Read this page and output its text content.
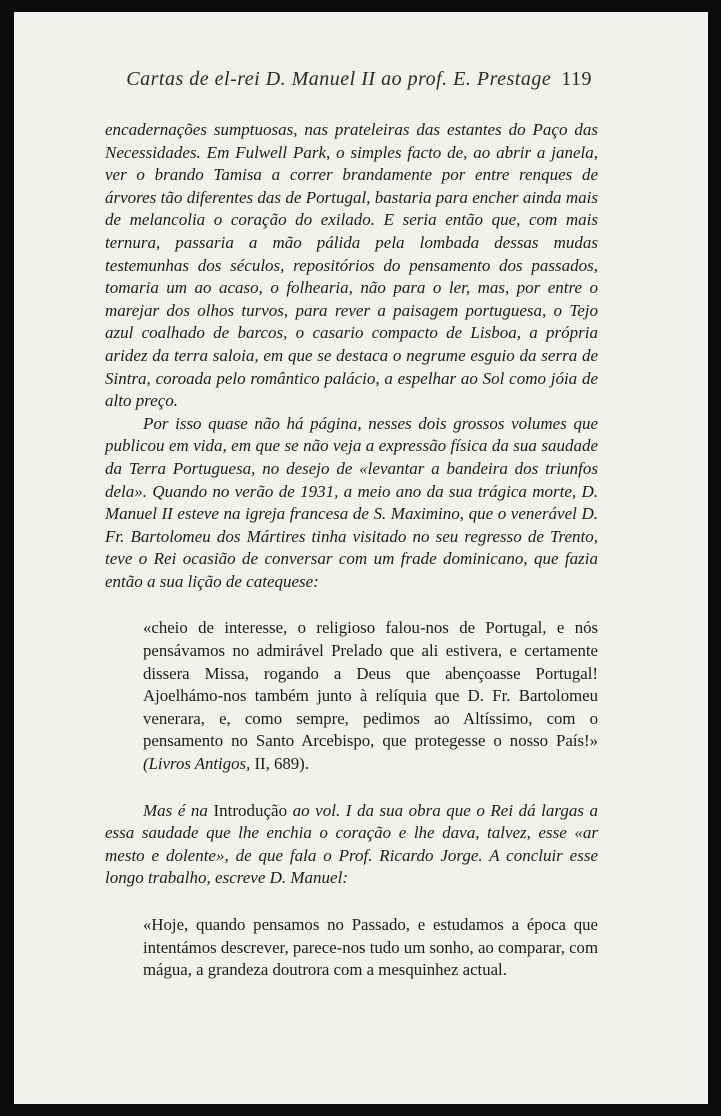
Cartas de el-rei D. Manuel II ao prof. E. Prestage 119

encadernações sumptuosas, nas prateleiras das estantes do Paço das Necessidades. Em Fulwell Park, o simples facto de, ao abrir a janela, ver o brando Tamisa a correr brandamente por entre renques de árvores tão diferentes das de Portugal, bastaria para encher ainda mais de melancolia o coração do exilado. E seria então que, com mais ternura, passaria a mão pálida pela lombada dessas mudas testemunhas dos séculos, repositórios do pensamento dos passados, tomaria um ao acaso, o folhearia, não para o ler, mas, por entre o marejar dos olhos turvos, para rever a paisagem portuguesa, o Tejo azul coalhado de barcos, o casario compacto de Lisboa, a própria aridez da terra saloia, em que se destaca o negrume esguio da serra de Sintra, coroada pelo romântico palácio, a espelhar ao Sol como jóia de alto preço.

Por isso quase não há página, nesses dois grossos volumes que publicou em vida, em que se não veja a expressão física da sua saudade da Terra Portuguesa, no desejo de «levantar a bandeira dos triunfos dela». Quando no verão de 1931, a meio ano da sua trágica morte, D. Manuel II esteve na igreja francesa de S. Maximino, que o venerável D. Fr. Bartolomeu dos Mártires tinha visitado no seu regresso de Trento, teve o Rei ocasião de conversar com um frade dominicano, que fazia então a sua lição de catequese:

«cheio de interesse, o religioso falou-nos de Portugal, e nós pensávamos no admirável Prelado que ali estivera, e certamente dissera Missa, rogando a Deus que abençoasse Portugal! Ajoelhámo-nos também junto à relíquia que D. Fr. Bartolomeu venerara, e, como sempre, pedimos ao Altíssimo, com o pensamento no Santo Arcebispo, que protegesse o nosso País!» (Livros Antigos, II, 689).

Mas é na Introdução ao vol. I da sua obra que o Rei dá largas a essa saudade que lhe enchia o coração e lhe dava, talvez, esse «ar mesto e dolente», de que fala o Prof. Ricardo Jorge. A concluir esse longo trabalho, escreve D. Manuel:

«Hoje, quando pensamos no Passado, e estudamos a época que intentámos descrever, parece-nos tudo um sonho, ao comparar, com mágua, a grandeza doutrora com a mesquinhez actual.
